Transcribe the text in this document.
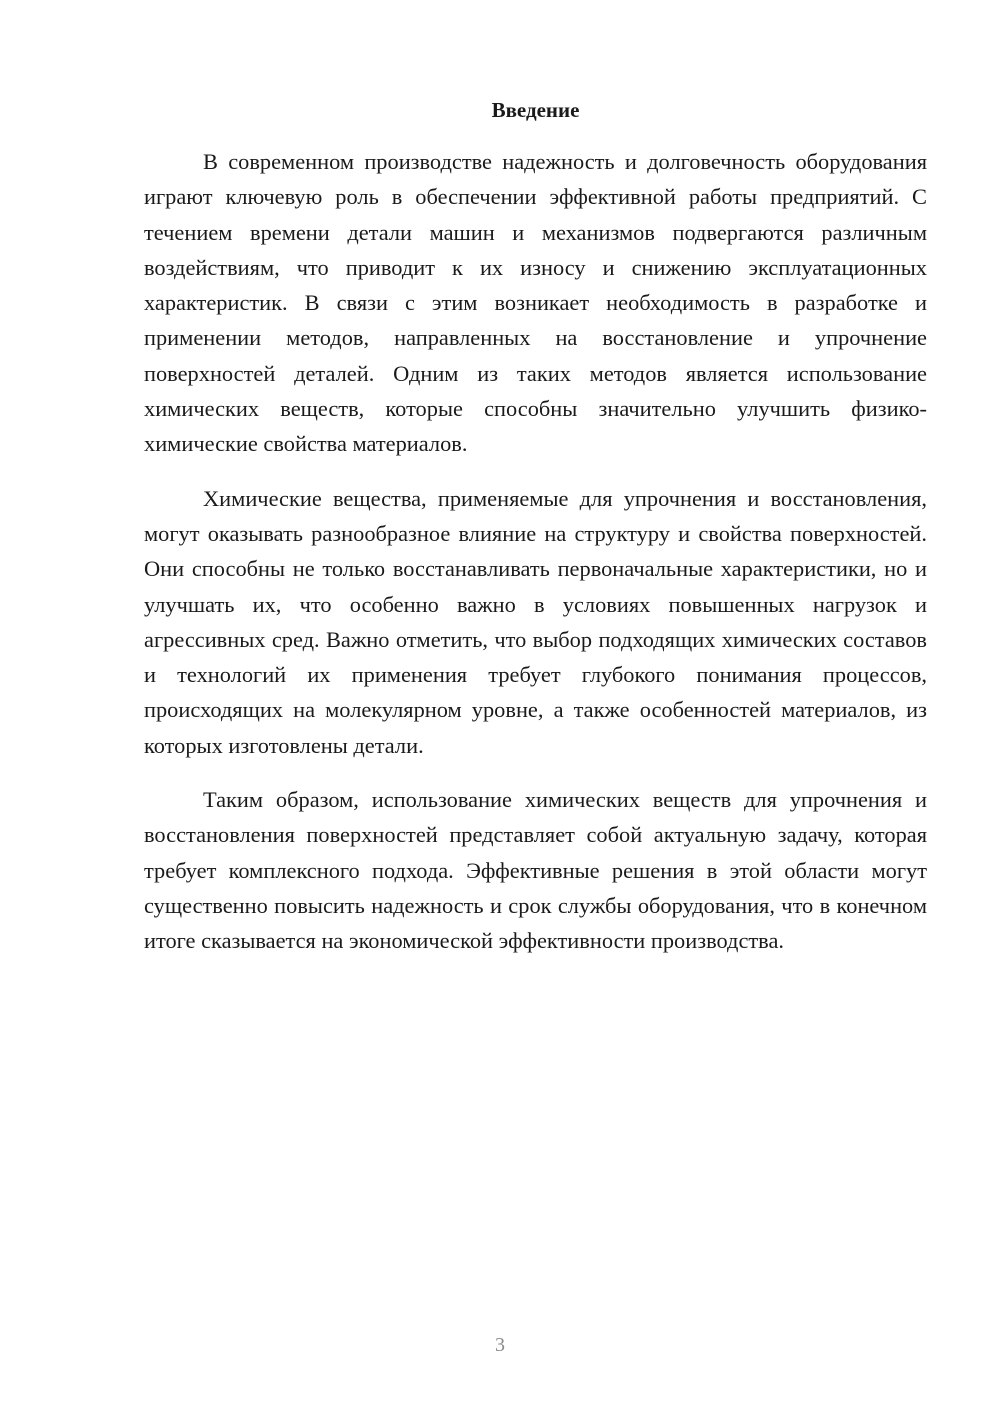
Введение

В современном производстве надежность и долговечность оборудования играют ключевую роль в обеспечении эффективной работы предприятий. С течением времени детали машин и механизмов подвергаются различным воздействиям, что приводит к их износу и снижению эксплуатационных характеристик. В связи с этим возникает необходимость в разработке и применении методов, направленных на восстановление и упрочнение поверхностей деталей. Одним из таких методов является использование химических веществ, которые способны значительно улучшить физико-химические свойства материалов.

Химические вещества, применяемые для упрочнения и восстановления, могут оказывать разнообразное влияние на структуру и свойства поверхностей. Они способны не только восстанавливать первоначальные характеристики, но и улучшать их, что особенно важно в условиях повышенных нагрузок и агрессивных сред. Важно отметить, что выбор подходящих химических составов и технологий их применения требует глубокого понимания процессов, происходящих на молекулярном уровне, а также особенностей материалов, из которых изготовлены детали.

Таким образом, использование химических веществ для упрочнения и восстановления поверхностей представляет собой актуальную задачу, которая требует комплексного подхода. Эффективные решения в этой области могут существенно повысить надежность и срок службы оборудования, что в конечном итоге сказывается на экономической эффективности производства.

3
